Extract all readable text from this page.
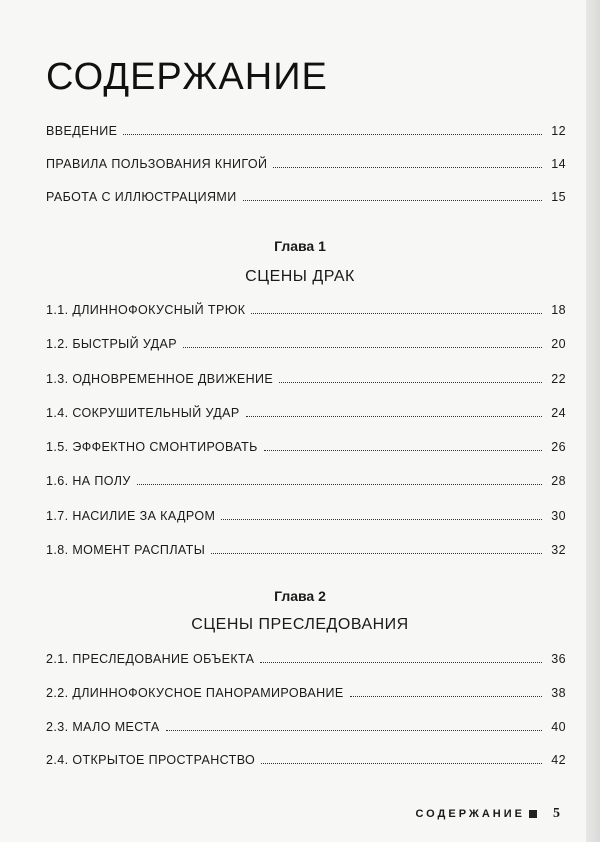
СОДЕРЖАНИЕ
ВВЕДЕНИЕ	12
ПРАВИЛА ПОЛЬЗОВАНИЯ КНИГОЙ	14
РАБОТА С ИЛЛЮСТРАЦИЯМИ	15
Глава 1
СЦЕНЫ ДРАК
1.1. ДЛИННОФОКУСНЫЙ ТРЮК	18
1.2. БЫСТРЫЙ УДАР	20
1.3. ОДНОВРЕМЕННОЕ ДВИЖЕНИЕ	22
1.4. СОКРУШИТЕЛЬНЫЙ УДАР	24
1.5. ЭФФЕКТНО СМОНТИРОВАТЬ	26
1.6. НА ПОЛУ	28
1.7. НАСИЛИЕ ЗА КАДРОМ	30
1.8. МОМЕНТ РАСПЛАТЫ	32
Глава 2
СЦЕНЫ ПРЕСЛЕДОВАНИЯ
2.1. ПРЕСЛЕДОВАНИЕ ОБЪЕКТА	36
2.2. ДЛИННОФОКУСНОЕ ПАНОРАМИРОВАНИЕ	38
2.3. МАЛО МЕСТА	40
2.4. ОТКРЫТОЕ ПРОСТРАНСТВО	42
СОДЕРЖАНИЕ 5
